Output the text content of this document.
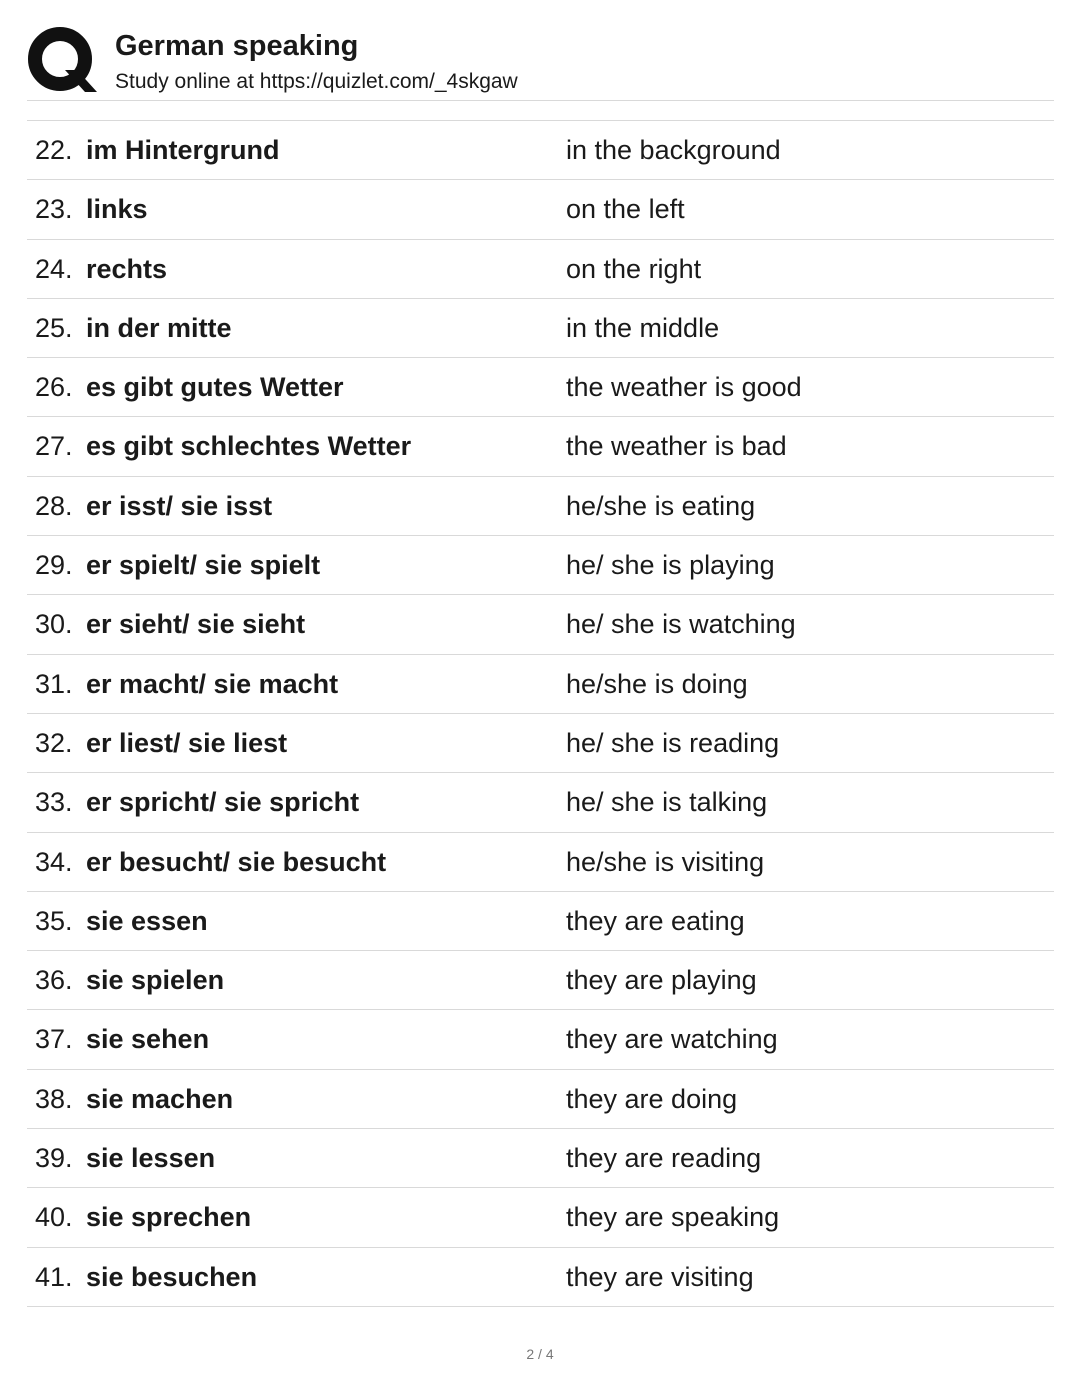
German speaking
Study online at https://quizlet.com/_4skgaw
22. im Hintergrund	in the background
23. links	on the left
24. rechts	on the right
25. in der mitte	in the middle
26. es gibt gutes Wetter	the weather is good
27. es gibt schlechtes Wetter	the weather is bad
28. er isst/ sie isst	he/she is eating
29. er spielt/ sie spielt	he/ she is playing
30. er sieht/ sie sieht	he/ she is watching
31. er macht/ sie macht	he/she is doing
32. er liest/ sie liest	he/ she is reading
33. er spricht/ sie spricht	he/ she is talking
34. er besucht/ sie besucht	he/she is visiting
35. sie essen	they are eating
36. sie spielen	they are playing
37. sie sehen	they are watching
38. sie machen	they are doing
39. sie lessen	they are reading
40. sie sprechen	they are speaking
41. sie besuchen	they are visiting
2 / 4
